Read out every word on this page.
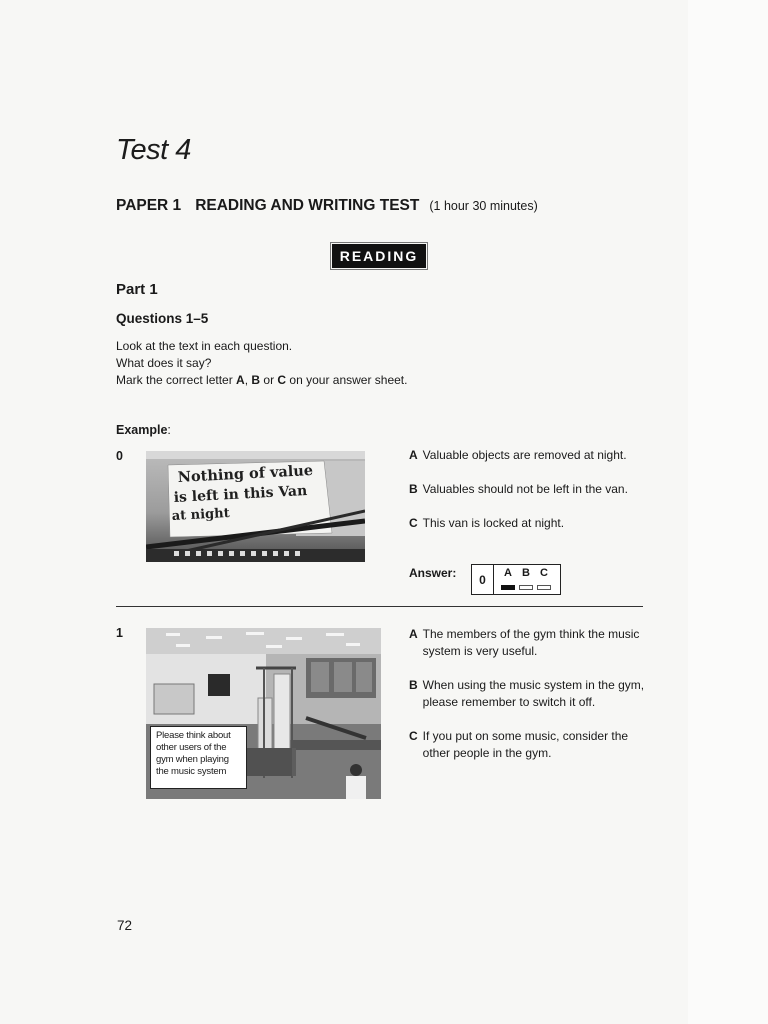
Test 4
PAPER 1 READING AND WRITING TEST (1 hour 30 minutes)
READING
Part 1
Questions 1–5
Look at the text in each question.
What does it say?
Mark the correct letter A, B or C on your answer sheet.
Example:
0
Nothing of value
is left in this Van
at night
A Valuable objects are removed at night.
B Valuables should not be left in the van.
C This van is locked at night.
Answer:	0	A B C
1
Please think about other users of the gym when playing the music system
A The members of the gym think the music system is very useful.
B When using the music system in the gym, please remember to switch it off.
C If you put on some music, consider the other people in the gym.
72
